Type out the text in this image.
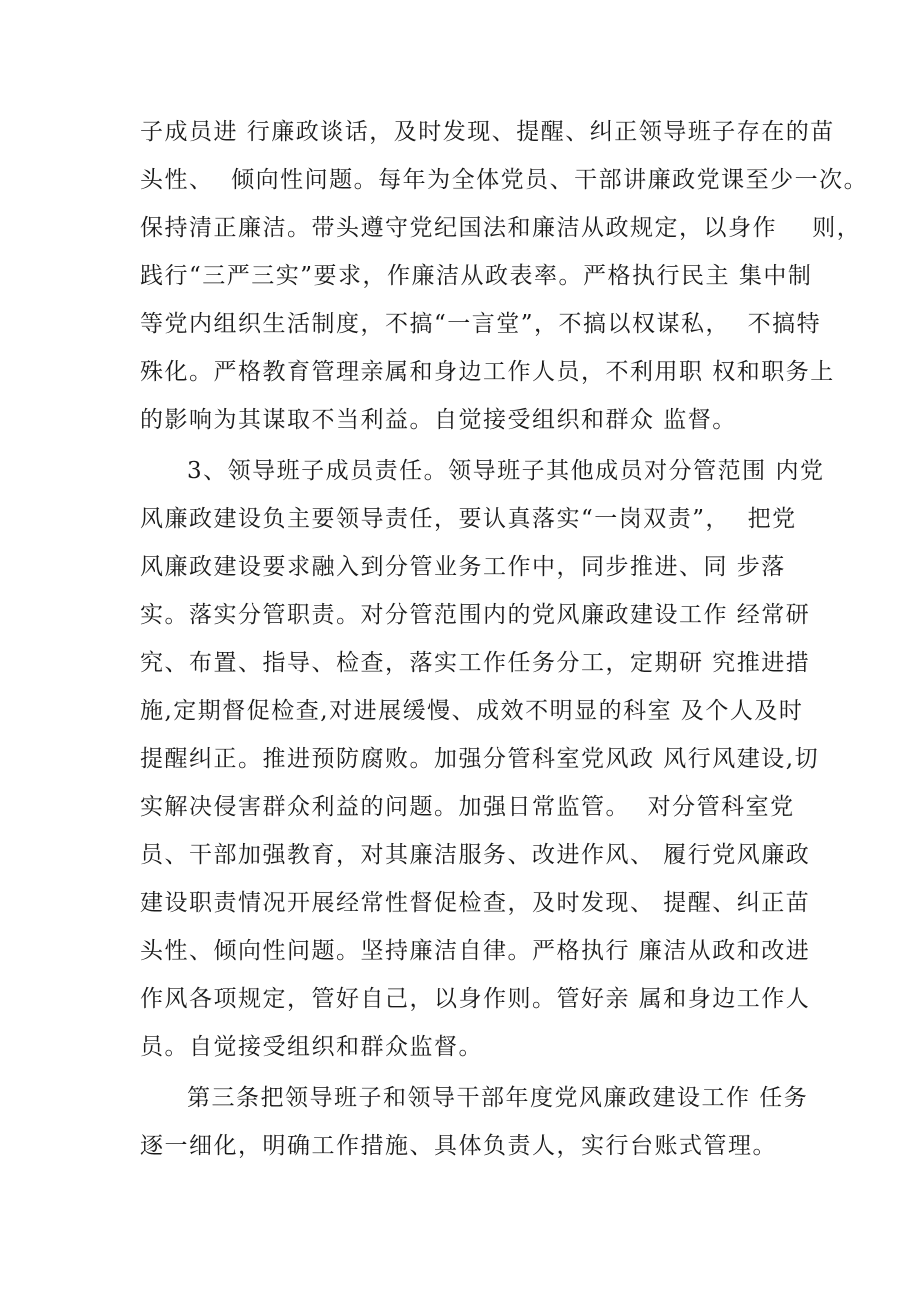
子成员进 行廉政谈话，及时发现、提醒、纠正领导班子存在的苗
头性、  倾向性问题。每年为全体党员、干部讲廉政党课至少一次。
保持清正廉洁。带头遵守党纪国法和廉洁从政规定，以身作    则，
践行“三严三实”要求，作廉洁从政表率。严格执行民主 集中制
等党内组织生活制度，不搞“一言堂”，不搞以权谋私，  不搞特
殊化。严格教育管理亲属和身边工作人员，不利用职 权和职务上
的影响为其谋取不当利益。自觉接受组织和群众 监督。
3、领导班子成员责任。领导班子其他成员对分管范围 内党
风廉政建设负主要领导责任，要认真落实“一岗双责”，  把党
风廉政建设要求融入到分管业务工作中，同步推进、同 步落
实。落实分管职责。对分管范围内的党风廉政建设工作 经常研
究、布置、指导、检查，落实工作任务分工，定期研 究推进措
施,定期督促检查,对进展缓慢、成效不明显的科室 及个人及时
提醒纠正。推进预防腐败。加强分管科室党风政 风行风建设,切
实解决侵害群众利益的问题。加强日常监管。  对分管科室党
员、干部加强教育，对其廉洁服务、改进作风、 履行党风廉政
建设职责情况开展经常性督促检查，及时发现、 提醒、纠正苗
头性、倾向性问题。坚持廉洁自律。严格执行 廉洁从政和改进
作风各项规定，管好自己，以身作则。管好亲 属和身边工作人
员。自觉接受组织和群众监督。
第三条把领导班子和领导干部年度党风廉政建设工作 任务
逐一细化，明确工作措施、具体负责人，实行台账式管理。
